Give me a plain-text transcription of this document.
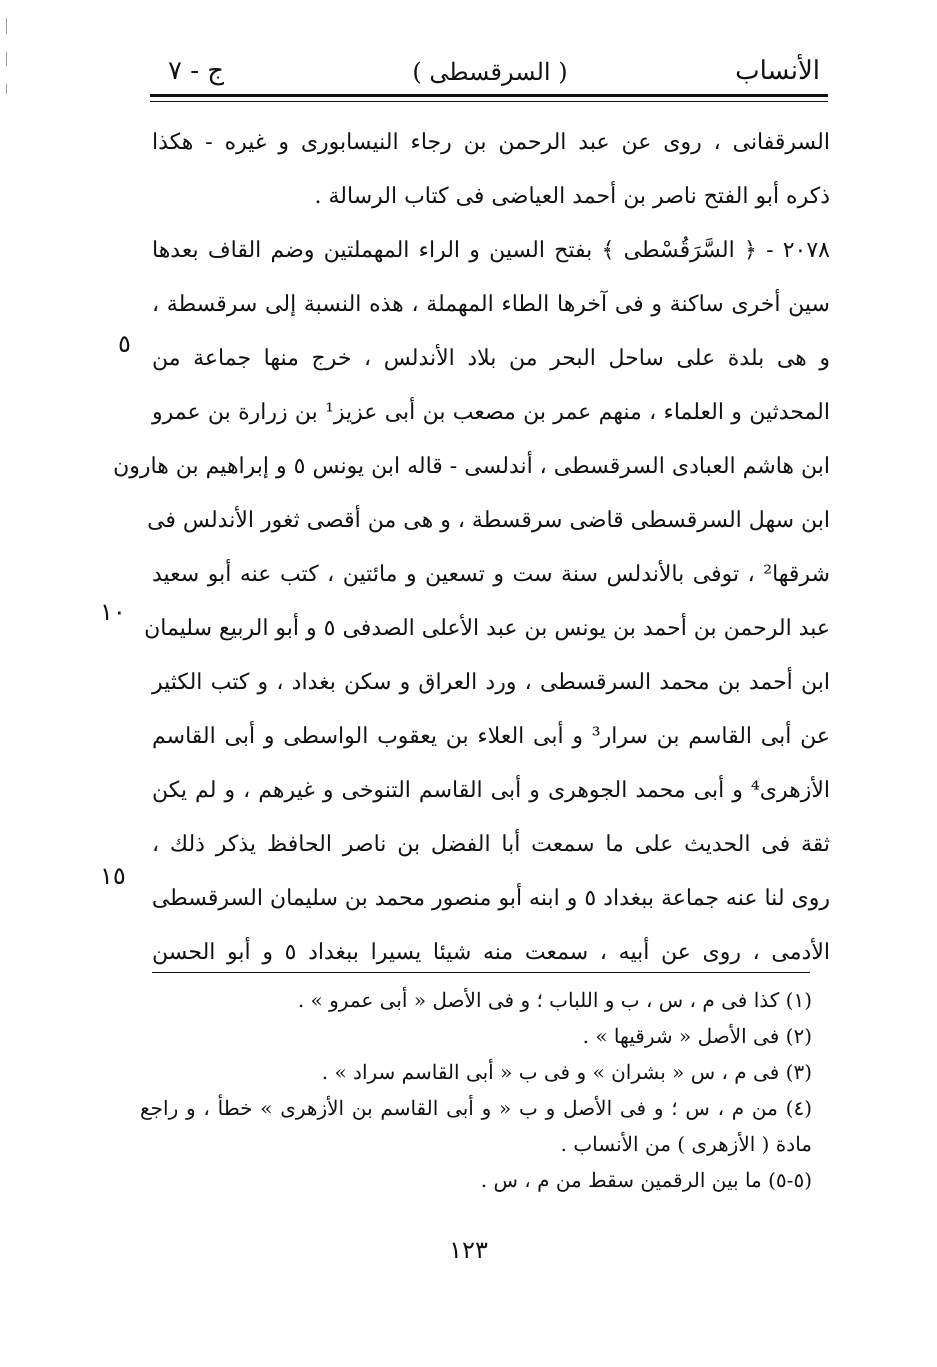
الأنساب
( السرقسطى )
ج - ٧
السرقفانى ، روى عن عبد الرحمن بن رجاء النيسابورى و غيره - هكذا
ذكره أبو الفتح ناصر بن أحمد العياضى فى كتاب الرسالة .
٢٠٧٨ - ﴿ السَّرَقُسْطى ﴾ بفتح السين و الراء المهملتين وضم القاف بعدها
سين أخرى ساكنة و فى آخرها الطاء المهملة ، هذه النسبة إلى سرقسطة ،
و هى بلدة على ساحل البحر من بلاد الأندلس ، خرج منها جماعة من
المحدثين و العلماء ، منهم عمر بن مصعب بن أبى عزيز¹ بن زرارة بن عمرو
ابن هاشم العبادى السرقسطى ، أندلسى - قاله ابن يونس ٥ و إبراهيم بن هارون
ابن سهل السرقسطى قاضى سرقسطة ، و هى من أقصى ثغور الأندلس فى
شرقها² ، توفى بالأندلس سنة ست و تسعين و مائتين ، كتب عنه أبو سعيد
عبد الرحمن بن أحمد بن يونس بن عبد الأعلى الصدفى ٥ و أبو الربيع سليمان
ابن أحمد بن محمد السرقسطى ، ورد العراق و سكن بغداد ، و كتب الكثير
عن أبى القاسم بن سرار³ و أبى العلاء بن يعقوب الواسطى و أبى القاسم
الأزهرى⁴ و أبى محمد الجوهرى و أبى القاسم التنوخى و غيرهم ، و لم يكن
ثقة فى الحديث على ما سمعت أبا الفضل بن ناصر الحافظ يذكر ذلك ،
روى لنا عنه جماعة ببغداد ٥ و ابنه أبو منصور محمد بن سليمان السرقسطى
الأدمى ، روى عن أبيه ، سمعت منه شيئا يسيرا ببغداد ٥ و أبو الحسن
٥
١٠
١٥
(١) كذا فى م ، س ، ب و اللباب ؛ و فى الأصل « أبى عمرو » .
(٢) فى الأصل « شرقيها » .
(٣) فى م ، س « بشران » و فى ب « أبى القاسم سراد » .
(٤) من م ، س ؛ و فى الأصل و ب « و أبى القاسم بن الأزهرى » خطأ ، و راجع
مادة ( الأزهرى ) من الأنساب .
(٥-٥) ما بين الرقمين سقط من م ، س .
١٢٣
